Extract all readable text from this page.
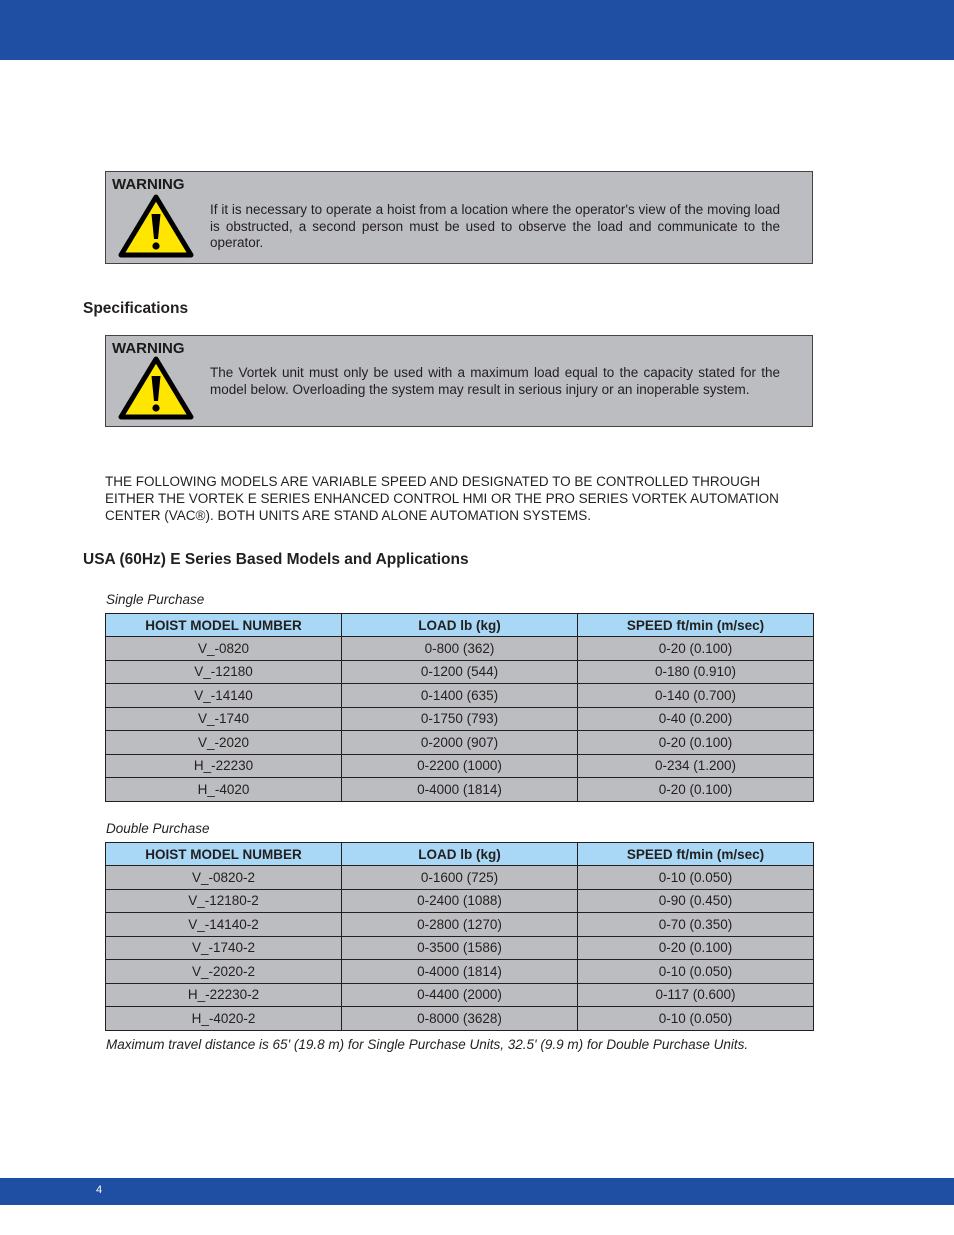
WARNING
If it is necessary to operate a hoist from a location where the operator's view of the moving load is obstructed, a second person must be used to observe the load and communicate to the operator.
Specifications
WARNING
The Vortek unit must only be used with a maximum load equal to the capacity stated for the model below. Overloading the system may result in serious injury or an inoperable system.
THE FOLLOWING MODELS ARE VARIABLE SPEED AND DESIGNATED TO BE CONTROLLED THROUGH EITHER THE VORTEK E SERIES ENHANCED CONTROL HMI OR THE PRO SERIES VORTEK AUTOMATION CENTER (VAC®). BOTH UNITS ARE STAND ALONE AUTOMATION SYSTEMS.
USA (60Hz) E Series Based Models and Applications
Single Purchase
HOIST MODEL NUMBER	LOAD lb (kg)	SPEED ft/min (m/sec)
V_-0820	0-800 (362)	0-20 (0.100)
V_-12180	0-1200 (544)	0-180 (0.910)
V_-14140	0-1400 (635)	0-140 (0.700)
V_-1740	0-1750 (793)	0-40 (0.200)
V_-2020	0-2000 (907)	0-20 (0.100)
H_-22230	0-2200 (1000)	0-234 (1.200)
H_-4020	0-4000 (1814)	0-20 (0.100)
Double Purchase
HOIST MODEL NUMBER	LOAD lb (kg)	SPEED ft/min (m/sec)
V_-0820-2	0-1600 (725)	0-10 (0.050)
V_-12180-2	0-2400 (1088)	0-90 (0.450)
V_-14140-2	0-2800 (1270)	0-70 (0.350)
V_-1740-2	0-3500 (1586)	0-20 (0.100)
V_-2020-2	0-4000 (1814)	0-10 (0.050)
H_-22230-2	0-4400 (2000)	0-117 (0.600)
H_-4020-2	0-8000 (3628)	0-10 (0.050)
Maximum travel distance is 65' (19.8 m) for Single Purchase Units, 32.5' (9.9 m) for Double Purchase Units.
4
